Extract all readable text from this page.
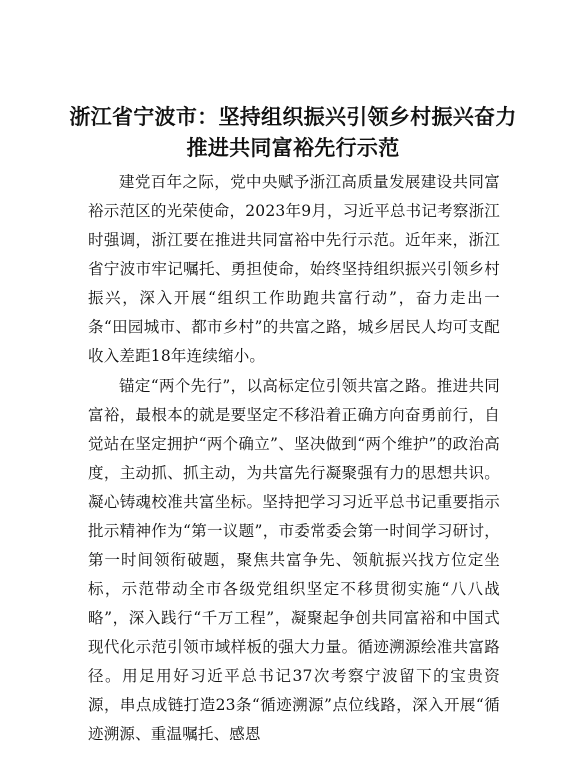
浙江省宁波市：坚持组织振兴引领乡村振兴奋力推进共同富裕先行示范

建党百年之际，党中央赋予浙江高质量发展建设共同富裕示范区的光荣使命，2023年9月，习近平总书记考察浙江时强调，浙江要在推进共同富裕中先行示范。近年来，浙江省宁波市牢记嘱托、勇担使命，始终坚持组织振兴引领乡村振兴，深入开展“组织工作助跑共富行动”，奋力走出一条“田园城市、都市乡村”的共富之路，城乡居民人均可支配收入差距18年连续缩小。

锚定“两个先行”，以高标定位引领共富之路。推进共同富裕，最根本的就是要坚定不移沿着正确方向奋勇前行，自觉站在坚定拥护“两个确立”、坚决做到“两个维护”的政治高度，主动抓、抓主动，为共富先行凝聚强有力的思想共识。凝心铸魂校准共富坐标。坚持把学习习近平总书记重要指示批示精神作为“第一议题”，市委常委会第一时间学习研讨，第一时间领衔破题，聚焦共富争先、领航振兴找方位定坐标，示范带动全市各级党组织坚定不移贯彻实施“八八战略”，深入践行“千万工程”，凝聚起争创共同富裕和中国式现代化示范引领市域样板的强大力量。循迹溯源绘准共富路径。用足用好习近平总书记37次考察宁波留下的宝贵资源，串点成链打造23条“循迹溯源”点位线路，深入开展“循迹溯源、重温嘱托、感恩
